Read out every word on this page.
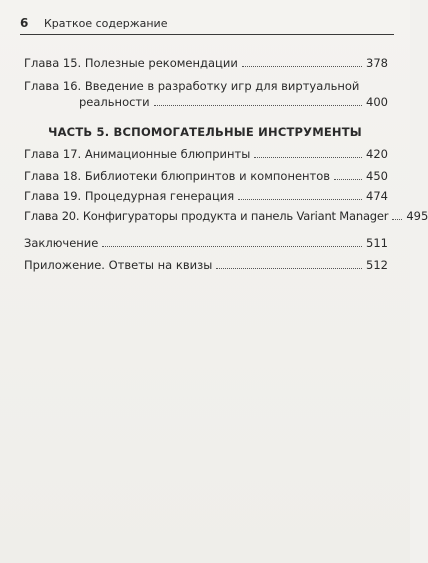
6	Краткое содержание
Глава 15. Полезные рекомендации	378
Глава 16. Введение в разработку игр для виртуальной
реальности	400
ЧАСТЬ 5. ВСПОМОГАТЕЛЬНЫЕ ИНСТРУМЕНТЫ
Глава 17. Анимационные блюпринты	420
Глава 18. Библиотеки блюпринтов и компонентов	450
Глава 19. Процедурная генерация	474
Глава 20. Конфигураторы продукта и панель Variant Manager 495
Заключение	511
Приложение. Ответы на квизы	512
